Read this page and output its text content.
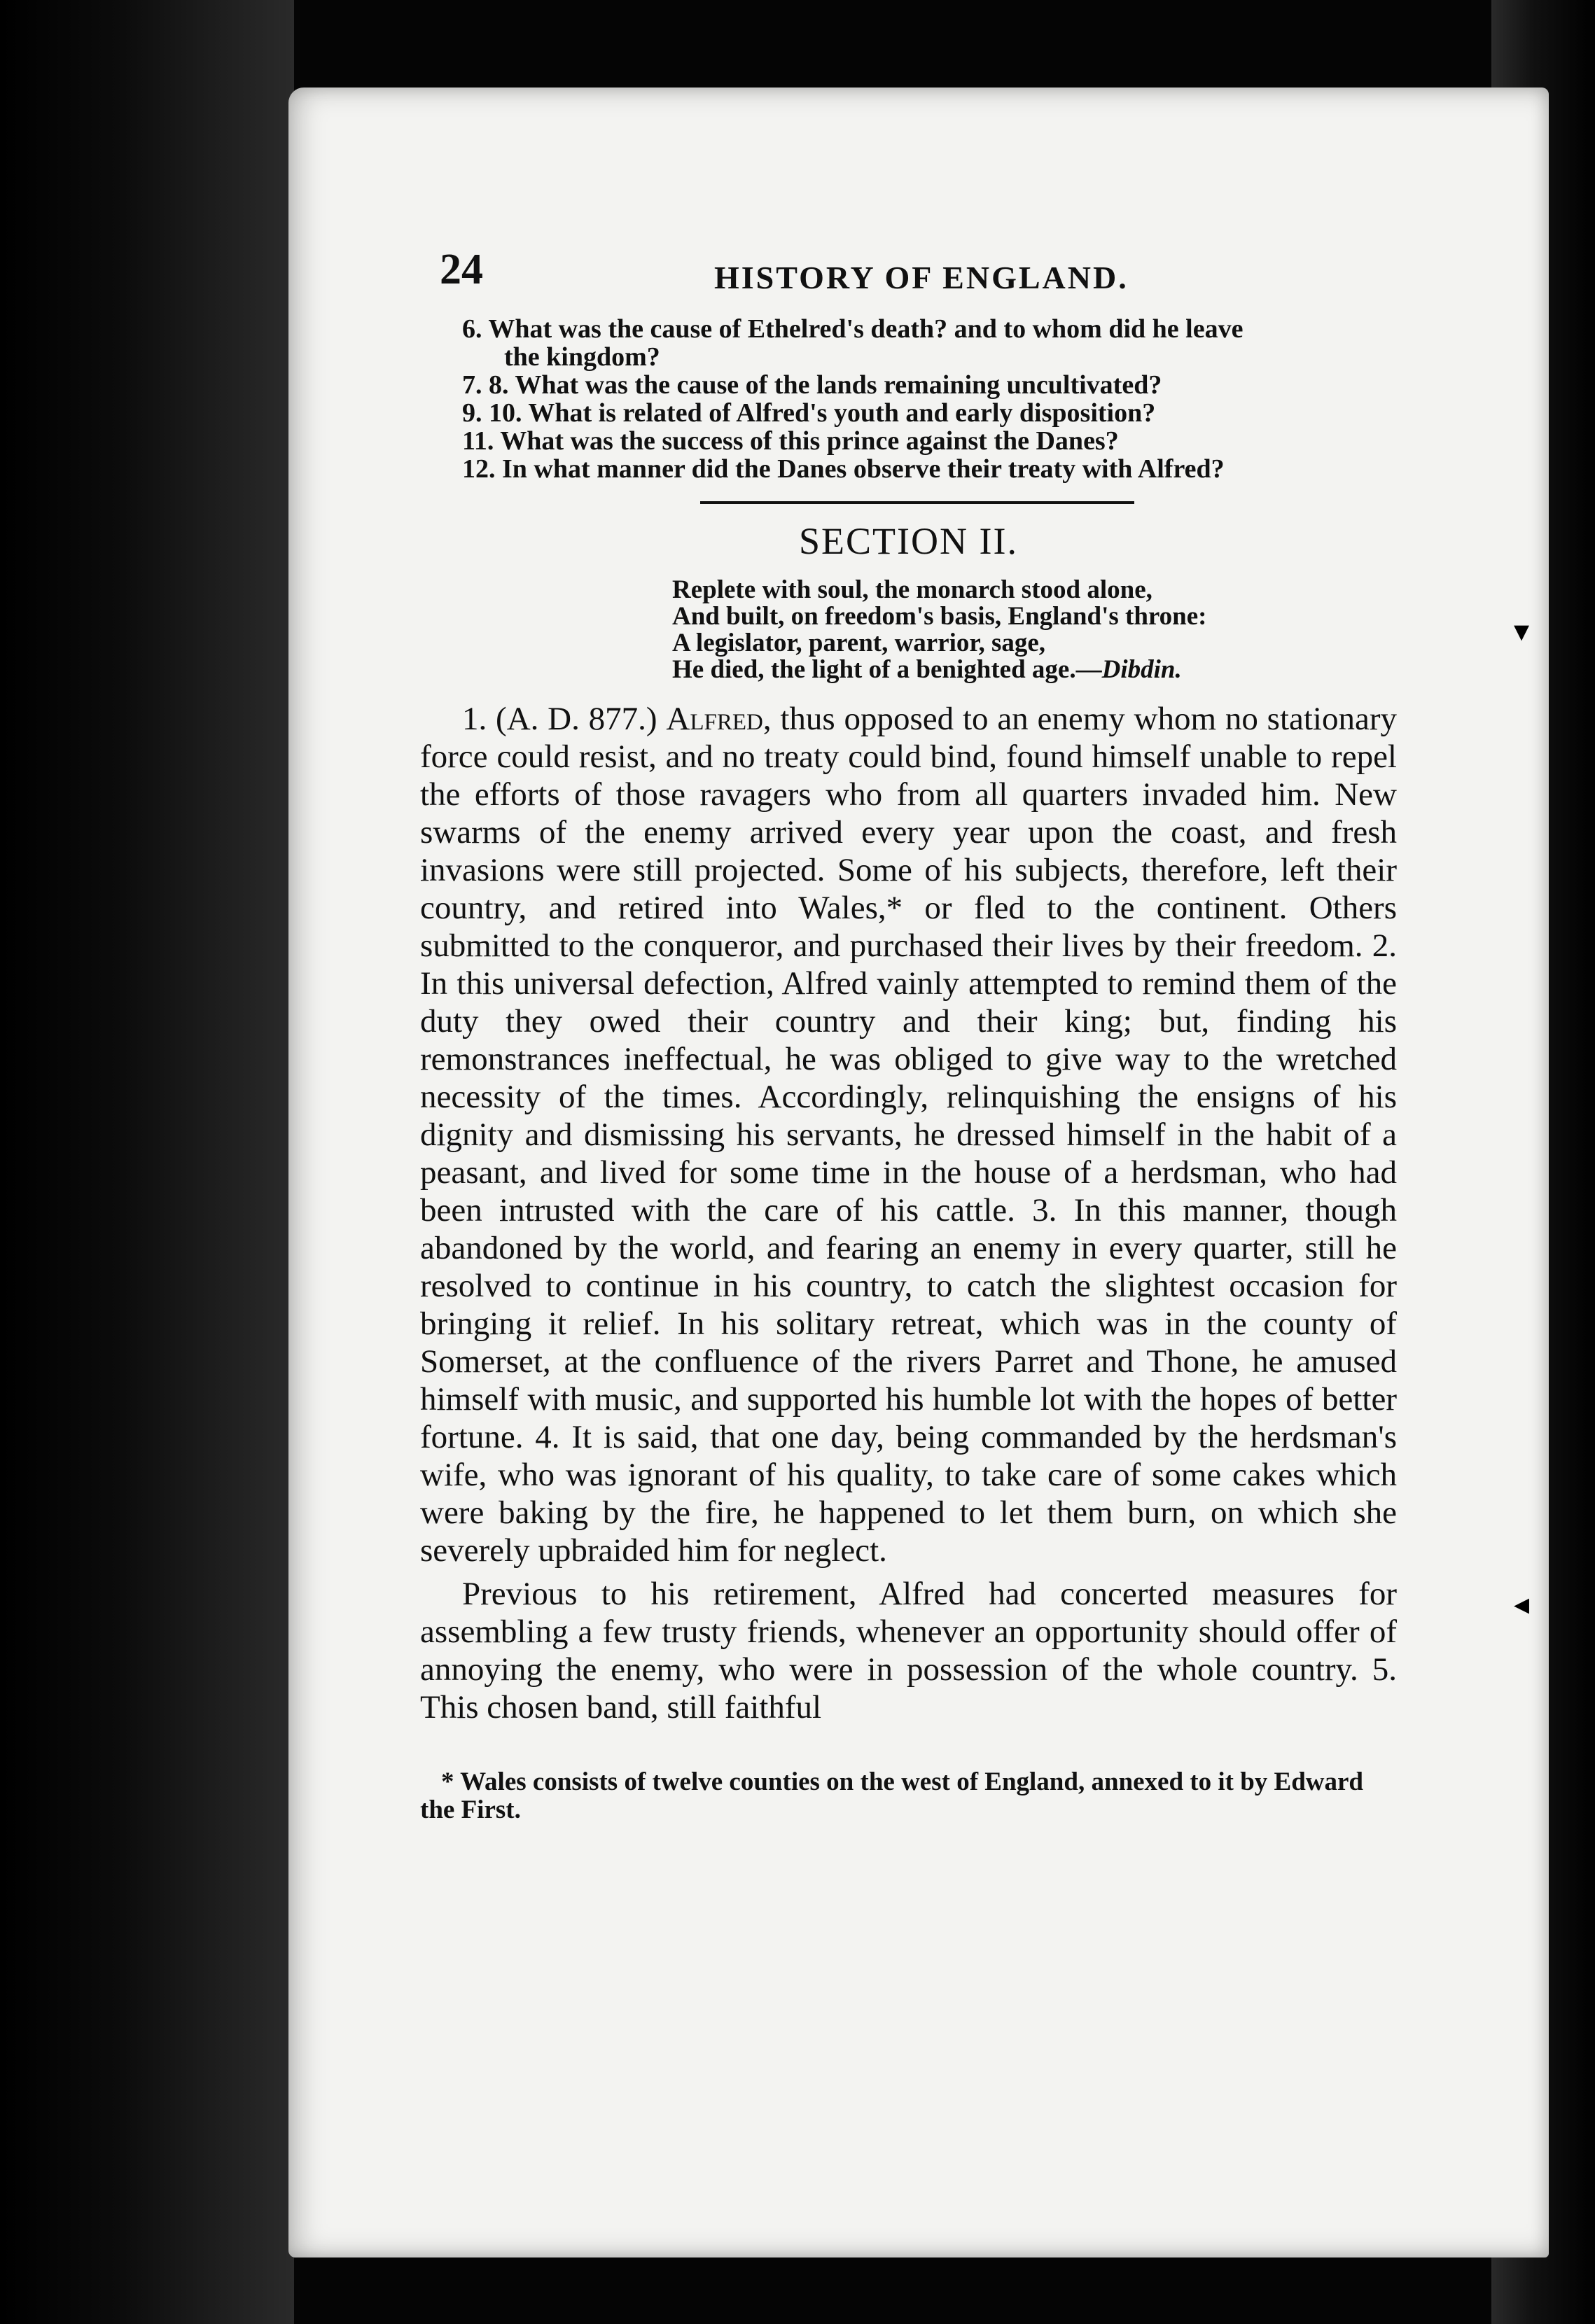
▾
◂
24	HISTORY OF ENGLAND.
6. What was the cause of Ethelred's death? and to whom did he leave
the kingdom?
7. 8. What was the cause of the lands remaining uncultivated?
9. 10. What is related of Alfred's youth and early disposition?
11. What was the success of this prince against the Danes?
12. In what manner did the Danes observe their treaty with Alfred?
SECTION II.
Replete with soul, the monarch stood alone,
And built, on freedom's basis, England's throne:
A legislator, parent, warrior, sage,
He died, the light of a benighted age.—Dibdin.
1. (A. D. 877.) Alfred, thus opposed to an enemy whom no stationary force could resist, and no treaty could bind, found himself unable to repel the efforts of those ravagers who from all quarters invaded him. New swarms of the enemy arrived every year upon the coast, and fresh invasions were still projected. Some of his subjects, therefore, left their country, and retired into Wales,* or fled to the continent. Others submitted to the conqueror, and purchased their lives by their freedom. 2. In this universal defection, Alfred vainly attempted to remind them of the duty they owed their country and their king; but, finding his remonstrances ineffectual, he was obliged to give way to the wretched necessity of the times. Accordingly, relinquishing the ensigns of his dignity and dismissing his servants, he dressed himself in the habit of a peasant, and lived for some time in the house of a herdsman, who had been intrusted with the care of his cattle. 3. In this manner, though abandoned by the world, and fearing an enemy in every quarter, still he resolved to continue in his country, to catch the slightest occasion for bringing it relief. In his solitary retreat, which was in the county of Somerset, at the confluence of the rivers Parret and Thone, he amused himself with music, and supported his humble lot with the hopes of better fortune. 4. It is said, that one day, being commanded by the herdsman's wife, who was ignorant of his quality, to take care of some cakes which were baking by the fire, he happened to let them burn, on which she severely upbraided him for neglect.
Previous to his retirement, Alfred had concerted measures for assembling a few trusty friends, whenever an opportunity should offer of annoying the enemy, who were in possession of the whole country. 5. This chosen band, still faithful
* Wales consists of twelve counties on the west of England, annexed to it by Edward the First.
